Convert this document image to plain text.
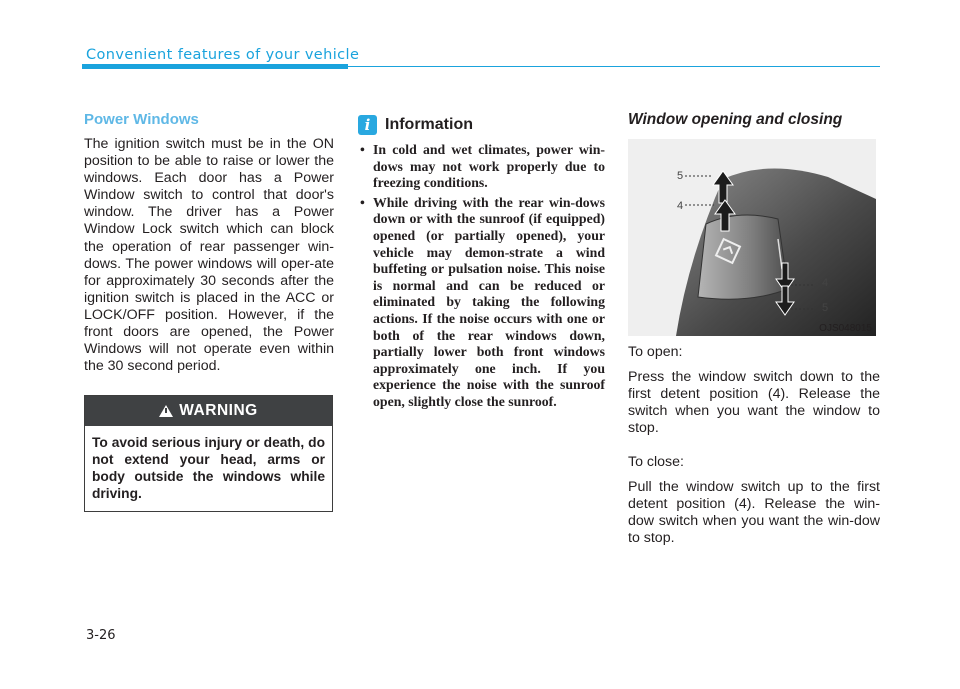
Convenient features of your vehicle
Power Windows

The ignition switch must be in the ON position to be able to raise or lower the windows. Each door has a Power Window switch to control that door's window. The driver has a Power Window Lock switch which can block the operation of rear passenger win-dows. The power windows will oper-ate for approximately 30 seconds after the ignition switch is placed in the ACC or LOCK/OFF position. However, if the front doors are opened, the Power Windows will not operate even within the 30 second period.

WARNING

To avoid serious injury or death, do not extend your head, arms or body outside the windows while driving.

i Information
• In cold and wet climates, power win-dows may not work properly due to freezing conditions.
• While driving with the rear win-dows down or with the sunroof (if equipped) opened (or partially opened), your vehicle may demon-strate a wind buffeting or pulsation noise. This noise is normal and can be reduced or eliminated by taking the following actions. If the noise occurs with one or both of the rear windows down, partially lower both front windows approximately one inch. If you experience the noise with the sunroof open, slightly close the sunroof.
Window opening and closing
5
4
4
5
OJS048015

To open:

Press the window switch down to the first detent position (4). Release the switch when you want the window to stop.

To close:

Pull the window switch up to the first detent position (4). Release the win-dow switch when you want the win-dow to stop.

3-26
